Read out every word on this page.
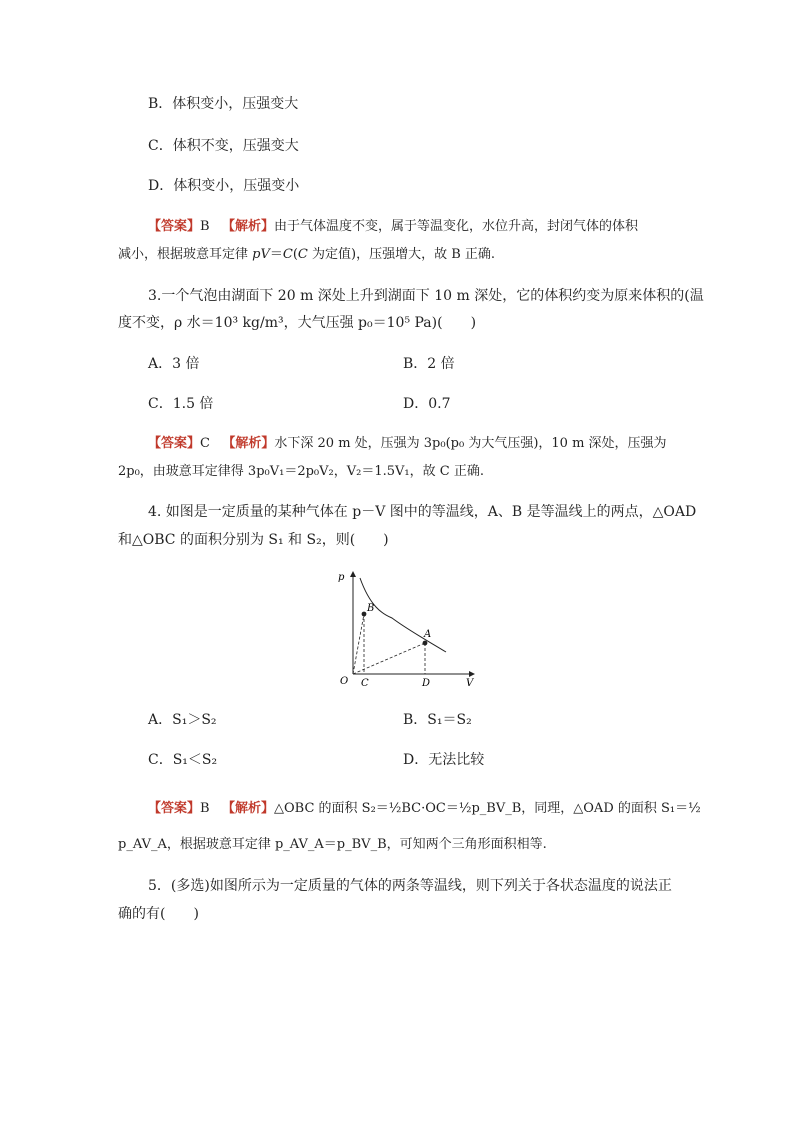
B．体积变小，压强变大
C．体积不变，压强变大
D．体积变小，压强变小
【答案】B 【解析】由于气体温度不变，属于等温变化，水位升高，封闭气体的体积
减小，根据玻意耳定律 pV＝C(C 为定值)，压强增大，故 B 正确.
3.一个气泡由湖面下 20 m 深处上升到湖面下 10 m 深处，它的体积约变为原来体积的(温
度不变，ρ 水＝10³ kg/m³，大气压强 p₀＝10⁵ Pa)(　　)
A．3 倍	B．2 倍
C．1.5 倍	D．0.7
【答案】C 【解析】水下深 20 m 处，压强为 3p₀(p₀ 为大气压强)，10 m 深处，压强为
2p₀，由玻意耳定律得 3p₀V₁＝2p₀V₂，V₂＝1.5V₁，故 C 正确.
4. 如图是一定质量的某种气体在 p－V 图中的等温线，A、B 是等温线上的两点，△OAD
和△OBC 的面积分别为 S₁ 和 S₂，则(　　)
p
V
O
B
A
C	D
A．S₁＞S₂	B．S₁＝S₂
C．S₁＜S₂	D．无法比较
【答案】B 【解析】△OBC 的面积 S₂＝½BC·OC＝½p_BV_B，同理，△OAD 的面积 S₁＝½
p_AV_A，根据玻意耳定律 p_AV_A＝p_BV_B，可知两个三角形面积相等.
5．(多选)如图所示为一定质量的气体的两条等温线，则下列关于各状态温度的说法正
确的有(　　)
